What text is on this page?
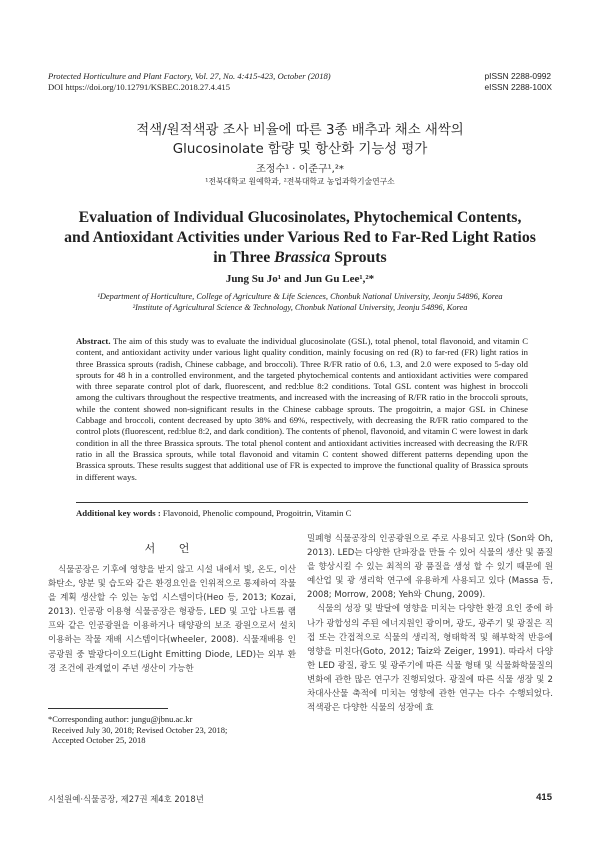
Protected Horticulture and Plant Factory, Vol. 27, No. 4:415-423, October (2018)
DOI https://doi.org/10.12791/KSBEC.2018.27.4.415
pISSN 2288-0992
eISSN 2288-100X
적색/원적색광 조사 비율에 따른 3종 배추과 채소 새싹의
Glucosinolate 함량 및 항산화 기능성 평가
조정수¹ · 이준구¹,²*
¹전북대학교 원예학과, ²전북대학교 농업과학기술연구소
Evaluation of Individual Glucosinolates, Phytochemical Contents,
and Antioxidant Activities under Various Red to Far-Red Light Ratios
in Three Brassica Sprouts
Jung Su Jo¹ and Jun Gu Lee¹,²*
¹Department of Horticulture, College of Agriculture & Life Sciences, Chonbuk National University, Jeonju 54896, Korea
²Institute of Agricultural Science & Technology, Chonbuk National University, Jeonju 54896, Korea
Abstract. The aim of this study was to evaluate the individual glucosinolate (GSL), total phenol, total flavonoid, and vitamin C content, and antioxidant activity under various light quality condition, mainly focusing on red (R) to far-red (FR) light ratios in three Brassica sprouts (radish, Chinese cabbage, and broccoli). Three R/FR ratio of 0.6, 1.3, and 2.0 were exposed to 5-day old sprouts for 48 h in a controlled environment, and the targeted phytochemical contents and antioxidant activities were compared with three separate control plot of dark, fluorescent, and red:blue 8:2 conditions. Total GSL content was highest in broccoli among the cultivars throughout the respective treatments, and increased with the increasing of R/FR ratio in the broccoli sprouts, while the content showed non-significant results in the Chinese cabbage sprouts. The progoitrin, a major GSL in Chinese Cabbage and broccoli, content decreased by upto 38% and 69%, respectively, with decreasing the R/FR ratio compared to the control plots (fluorescent, red:blue 8:2, and dark condition). The contents of phenol, flavonoid, and vitamin C were lowest in dark condition in all the three Brassica sprouts. The total phenol content and antioxidant activities increased with decreasing the R/FR ratio in all the Brassica sprouts, while total flavonoid and vitamin C content showed different patterns depending upon the Brassica sprouts. These results suggest that additional use of FR is expected to improve the functional quality of Brassica sprouts in different ways.
Additional key words : Flavonoid, Phenolic compound, Progoitrin, Vitamin C
서 언
식물공장은 기후에 영향을 받지 않고 시설 내에서 빛, 온도, 이산화탄소, 양분 및 습도와 같은 환경요인을 인위적으로 통제하여 작물을 계획 생산할 수 있는 농업 시스템이다(Heo 등, 2013; Kozai, 2013). 인공광 이용형 식물공장은 형광등, LED 및 고압 나트륨 램프와 같은 인공광원을 이용하거나 태양광의 보조 광원으로서 설치 이용하는 작물 재배 시스템이다(wheeler, 2008). 식물재배용 인공광원 중 발광다이오드(Light Emitting Diode, LED)는 외부 환경 조건에 관계없이 주년 생산이 가능한
*Corresponding author: jungu@jbnu.ac.kr
Received July 30, 2018; Revised October 23, 2018;
Accepted October 25, 2018
밀폐형 식물공장의 인공광원으로 주로 사용되고 있다 (Son와 Oh, 2013). LED는 다양한 단파장을 만들 수 있어 식물의 생산 및 품질을 향상시킬 수 있는 최적의 광 품질을 생성 할 수 있기 때문에 원예산업 및 광 생리학 연구에 유용하게 사용되고 있다 (Massa 등, 2008; Morrow, 2008; Yeh와 Chung, 2009).
식물의 성장 및 발달에 영향을 미치는 다양한 환경 요인 중에 하나가 광합성의 주된 에너지원인 광이며, 광도, 광주기 및 광질은 직접 또는 간접적으로 식물의 생리적, 형태학적 및 해부학적 반응에 영향을 미친다(Goto, 2012; Taiz와 Zeiger, 1991). 따라서 다양한 LED 광질, 광도 및 광주기에 따른 식물 형태 및 식물화학물질의 변화에 관한 많은 연구가 진행되었다. 광질에 따른 식물 생장 및 2차대사산물 축적에 미치는 영향에 관한 연구는 다수 수행되었다. 적색광은 다양한 식물의 성장에 효
시설원예·식물공장, 제27권 제4호 2018년	415
